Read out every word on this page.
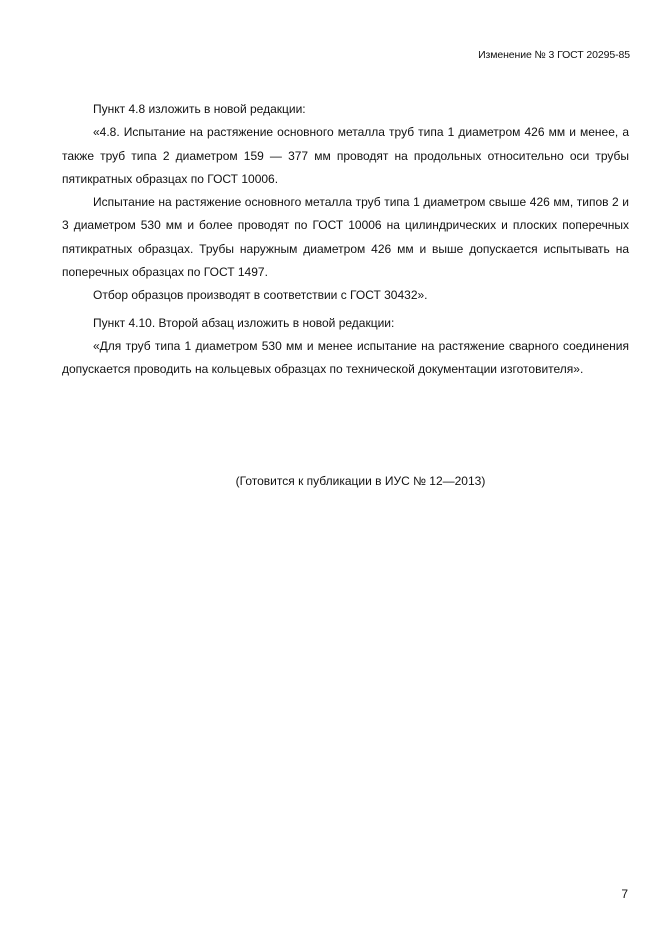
Изменение № 3 ГОСТ 20295-85

Пункт 4.8 изложить в новой редакции:

«4.8. Испытание на растяжение основного металла труб типа 1 диаметром 426 мм и менее, а также труб типа 2 диаметром 159 — 377 мм проводят на продольных относительно оси трубы пятикратных образцах по ГОСТ 10006.

Испытание на растяжение основного металла труб типа 1 диаметром свыше 426 мм, типов 2 и 3 диаметром 530 мм и более проводят по ГОСТ 10006 на цилиндрических и плоских поперечных пятикратных образцах. Трубы наружным диаметром 426 мм и выше допускается испытывать на поперечных образцах по ГОСТ 1497.

Отбор образцов производят в соответствии с ГОСТ 30432».

Пункт 4.10. Второй абзац изложить в новой редакции:

«Для труб типа 1 диаметром 530 мм и менее испытание на растяжение сварного соединения допускается проводить на кольцевых образцах по технической документации изготовителя».

(Готовится к публикации в ИУС № 12—2013)
7
